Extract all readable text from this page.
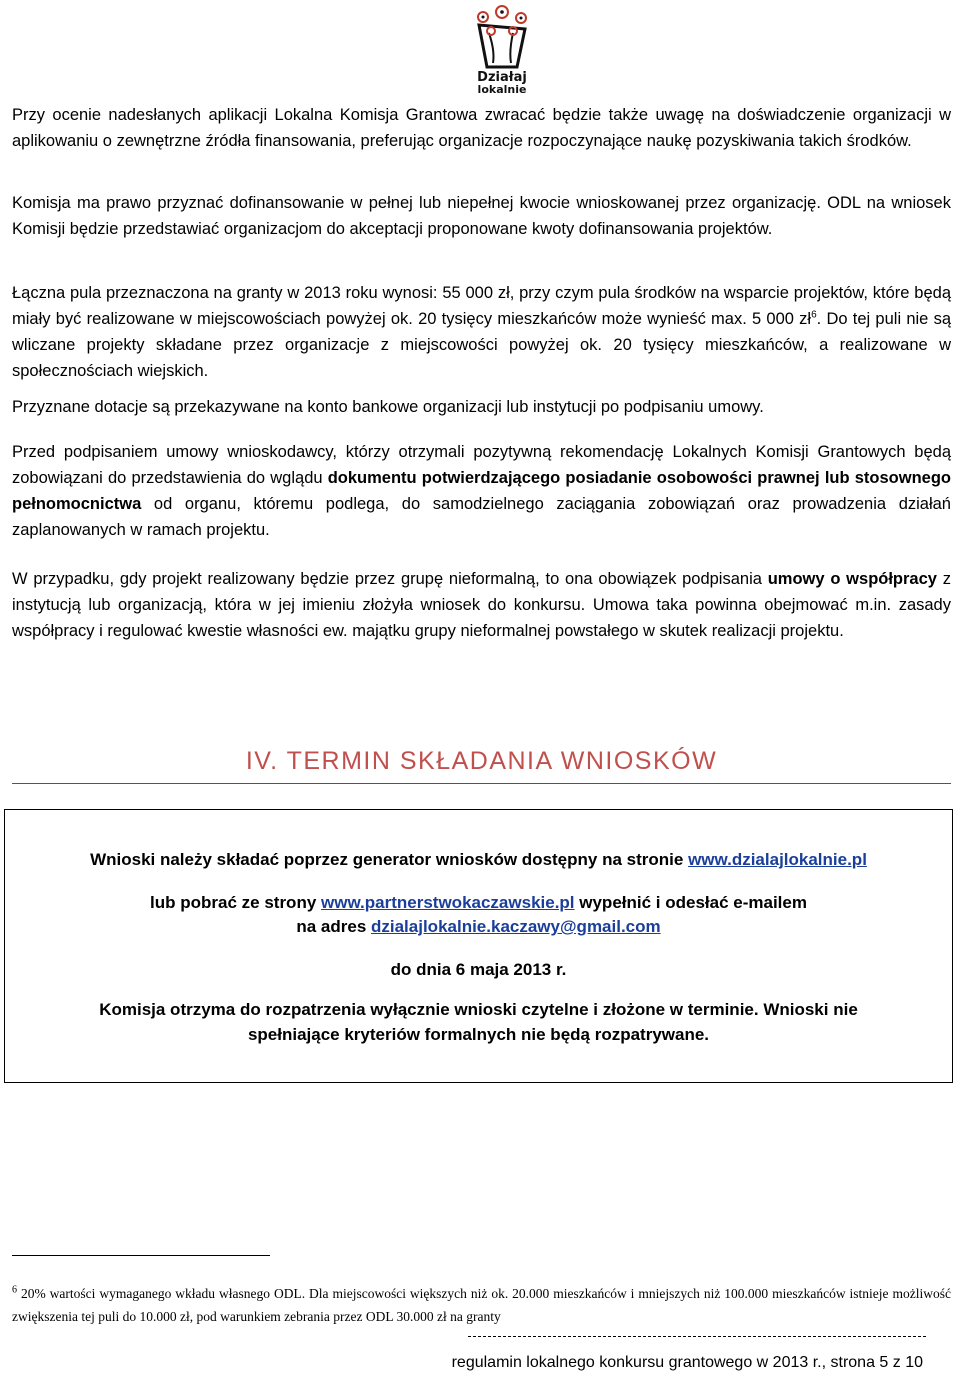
Działaj
lokalnie

Przy ocenie nadesłanych aplikacji Lokalna Komisja Grantowa zwracać będzie także uwagę na doświadczenie organizacji w aplikowaniu o zewnętrzne źródła finansowania, preferując organizacje rozpoczynające naukę pozyskiwania takich środków.

Komisja ma prawo przyznać dofinansowanie w pełnej lub niepełnej kwocie wnioskowanej przez organizację. ODL na wniosek Komisji będzie przedstawiać organizacjom do akceptacji proponowane kwoty dofinansowania projektów.

Łączna pula przeznaczona na granty w 2013 roku wynosi: 55 000 zł, przy czym pula środków na wsparcie projektów, które będą miały być realizowane w miejscowościach powyżej ok. 20 tysięcy mieszkańców może wynieść max. 5 000 zł$^6$. Do tej puli nie są wliczane projekty składane przez organizacje z miejscowości powyżej ok. 20 tysięcy mieszkańców, a realizowane w społecznościach wiejskich.

Przyznane dotacje są przekazywane na konto bankowe organizacji lub instytucji po podpisaniu umowy.

Przed podpisaniem umowy wnioskodawcy, którzy otrzymali pozytywną rekomendację Lokalnych Komisji Grantowych będą zobowiązani do przedstawienia do wglądu dokumentu potwierdzającego posiadanie osobowości prawnej lub stosownego pełnomocnictwa od organu, któremu podlega, do samodzielnego zaciągania zobowiązań oraz prowadzenia działań zaplanowanych w ramach projektu.

W przypadku, gdy projekt realizowany będzie przez grupę nieformalną, to ona obowiązek podpisania umowy o współpracy z instytucją lub organizacją, która w jej imieniu złożyła wniosek do konkursu. Umowa taka powinna obejmować m.in. zasady współpracy i regulować kwestie własności ew. majątku grupy nieformalnej powstałego w skutek realizacji projektu.

IV. TERMIN SKŁADANIA WNIOSKÓW
Wnioski należy składać poprzez generator wniosków dostępny na stronie www.dzialajlokalnie.pl
lub pobrać ze strony www.partnerstwokaczawskie.pl wypełnić i odesłać e-mailem
na adres dzialajlokalnie.kaczawy@gmail.com
do dnia 6 maja 2013 r.
Komisja otrzyma do rozpatrzenia wyłącznie wnioski czytelne i złożone w terminie. Wnioski nie
spełniające kryteriów formalnych nie będą rozpatrywane.
$^6$ 20% wartości wymaganego wkładu własnego ODL. Dla miejscowości większych niż ok. 20.000 mieszkańców i mniejszych niż 100.000 mieszkańców istnieje możliwość zwiększenia tej puli do 10.000 zł, pod warunkiem zebrania przez ODL 30.000 zł na granty
regulamin lokalnego konkursu grantowego w 2013 r., strona 5 z 10
